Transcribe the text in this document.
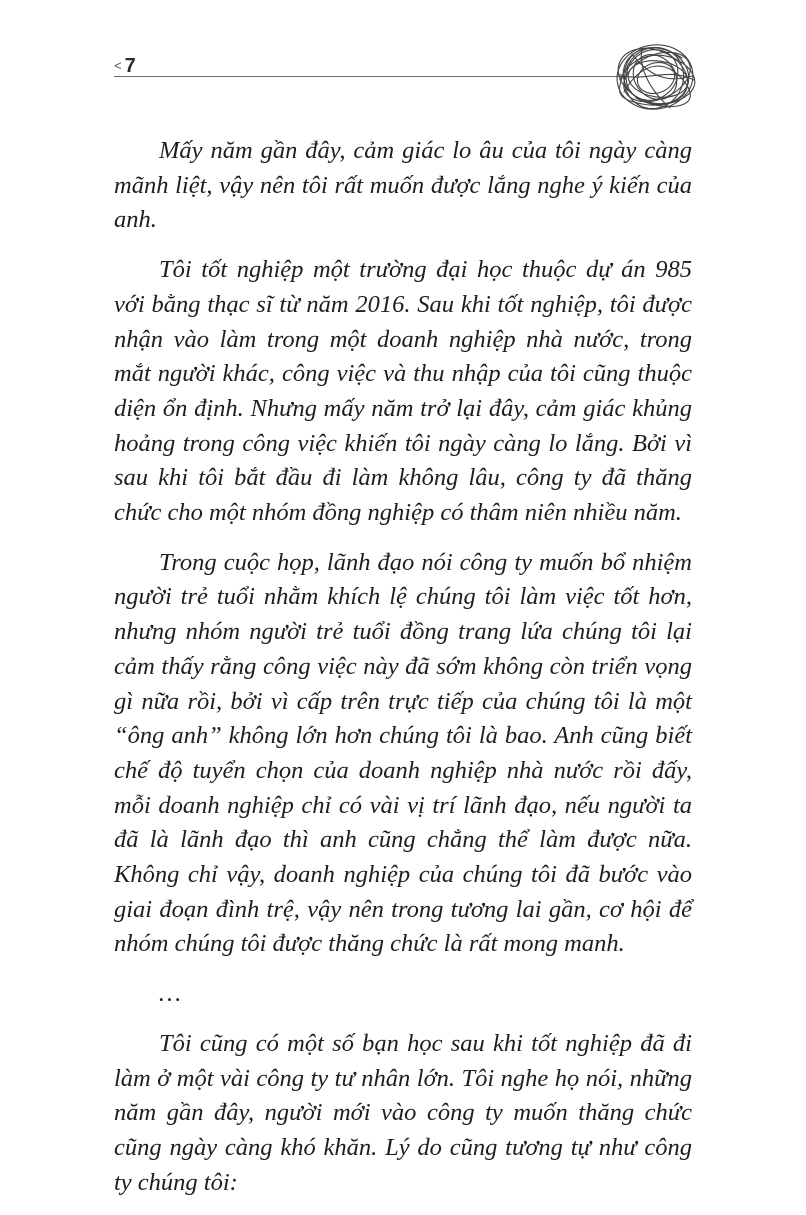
< 7

Mấy năm gần đây, cảm giác lo âu của tôi ngày càng mãnh liệt, vậy nên tôi rất muốn được lắng nghe ý kiến của anh.

Tôi tốt nghiệp một trường đại học thuộc dự án 985 với bằng thạc sĩ từ năm 2016. Sau khi tốt nghiệp, tôi được nhận vào làm trong một doanh nghiệp nhà nước, trong mắt người khác, công việc và thu nhập của tôi cũng thuộc diện ổn định. Nhưng mấy năm trở lại đây, cảm giác khủng hoảng trong công việc khiến tôi ngày càng lo lắng. Bởi vì sau khi tôi bắt đầu đi làm không lâu, công ty đã thăng chức cho một nhóm đồng nghiệp có thâm niên nhiều năm.

Trong cuộc họp, lãnh đạo nói công ty muốn bổ nhiệm người trẻ tuổi nhằm khích lệ chúng tôi làm việc tốt hơn, nhưng nhóm người trẻ tuổi đồng trang lứa chúng tôi lại cảm thấy rằng công việc này đã sớm không còn triển vọng gì nữa rồi, bởi vì cấp trên trực tiếp của chúng tôi là một “ông anh” không lớn hơn chúng tôi là bao. Anh cũng biết chế độ tuyển chọn của doanh nghiệp nhà nước rồi đấy, mỗi doanh nghiệp chỉ có vài vị trí lãnh đạo, nếu người ta đã là lãnh đạo thì anh cũng chẳng thể làm được nữa. Không chỉ vậy, doanh nghiệp của chúng tôi đã bước vào giai đoạn đình trệ, vậy nên trong tương lai gần, cơ hội để nhóm chúng tôi được thăng chức là rất mong manh.

…

Tôi cũng có một số bạn học sau khi tốt nghiệp đã đi làm ở một vài công ty tư nhân lớn. Tôi nghe họ nói, những năm gần đây, người mới vào công ty muốn thăng chức cũng ngày càng khó khăn. Lý do cũng tương tự như công ty chúng tôi:
